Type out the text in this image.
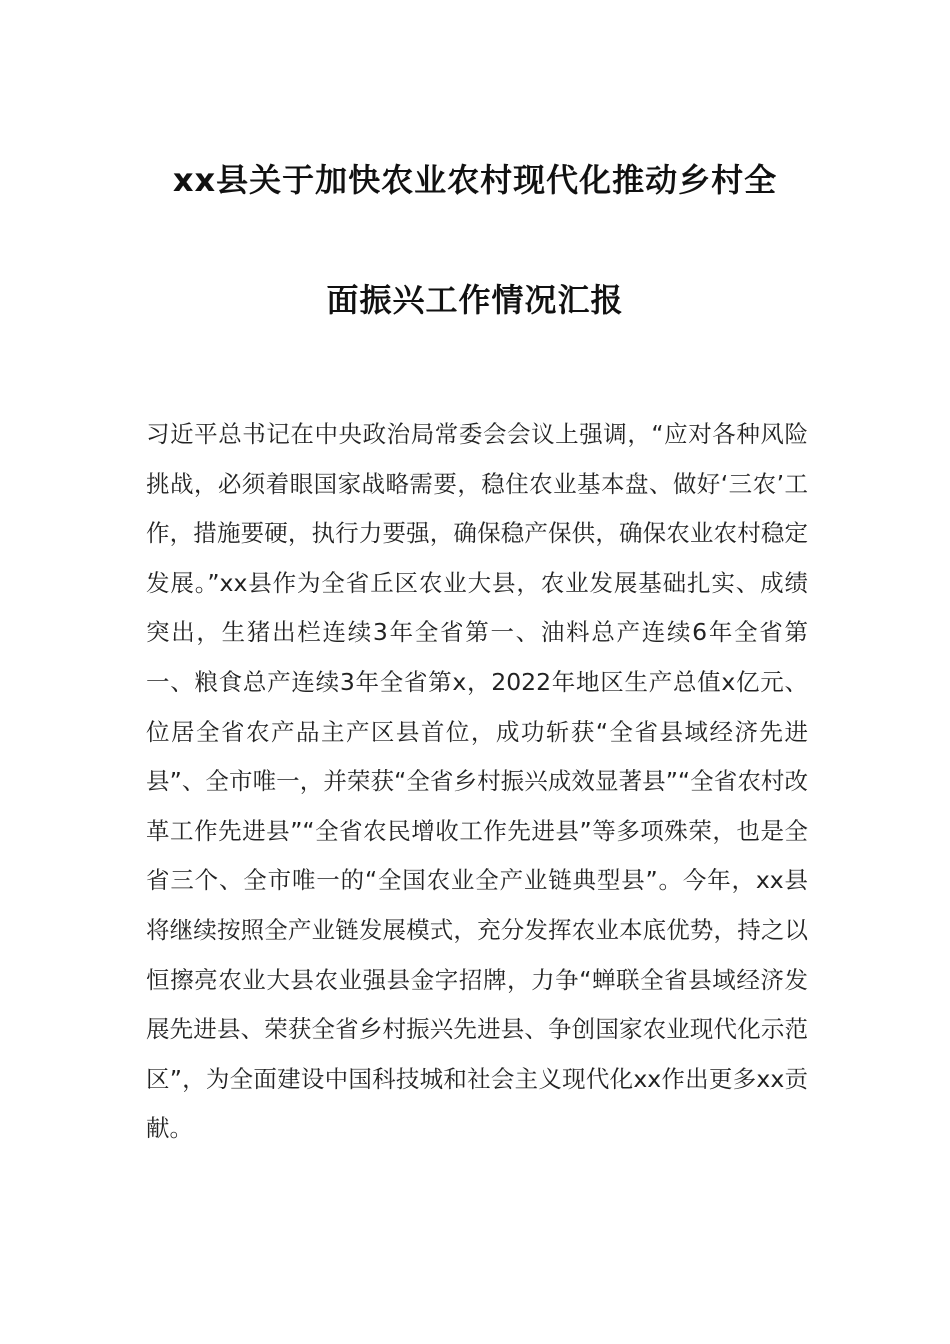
xx县关于加快农业农村现代化推动乡村全
面振兴工作情况汇报

习近平总书记在中央政治局常委会会议上强调，“应对各种风险挑战，必须着眼国家战略需要，稳住农业基本盘、做好‘三农’工作，措施要硬，执行力要强，确保稳产保供，确保农业农村稳定发展。”xx县作为全省丘区农业大县，农业发展基础扎实、成绩突出，生猪出栏连续3年全省第一、油料总产连续6年全省第一、粮食总产连续3年全省第x，2022年地区生产总值x亿元、位居全省农产品主产区县首位，成功斩获“全省县域经济先进县”、全市唯一，并荣获“全省乡村振兴成效显著县”“全省农村改革工作先进县”“全省农民增收工作先进县”等多项殊荣，也是全省三个、全市唯一的“全国农业全产业链典型县”。今年，xx县将继续按照全产业链发展模式，充分发挥农业本底优势，持之以恒擦亮农业大县农业强县金字招牌，力争“蝉联全省县域经济发展先进县、荣获全省乡村振兴先进县、争创国家农业现代化示范区”，为全面建设中国科技城和社会主义现代化xx作出更多xx贡献。
